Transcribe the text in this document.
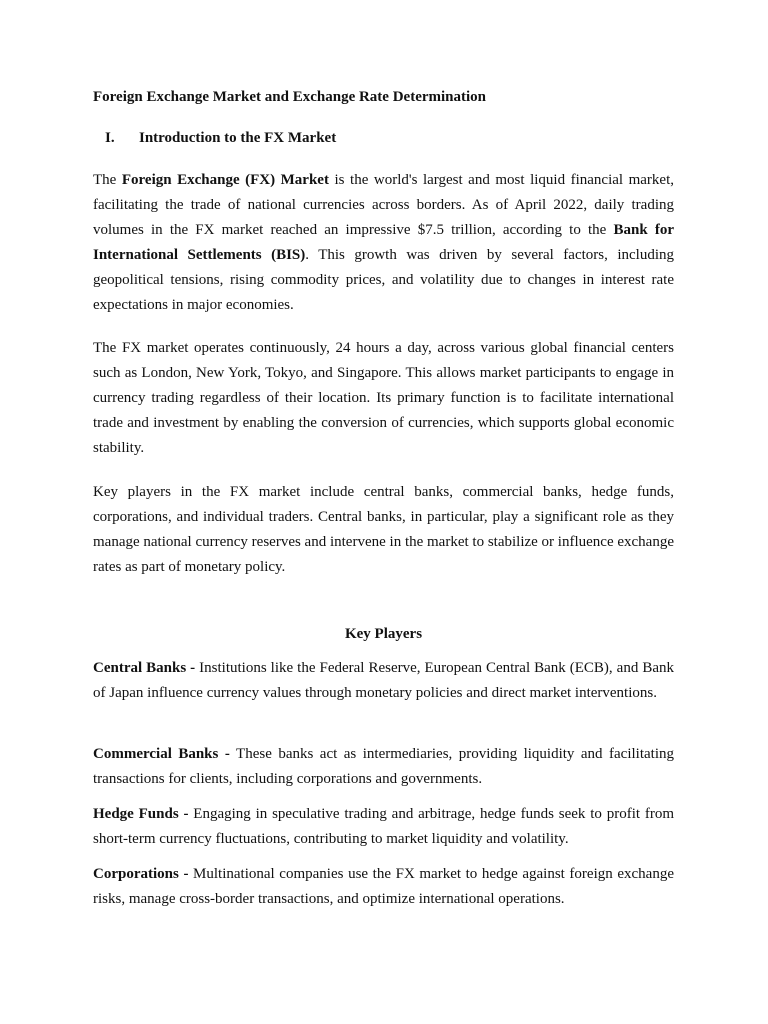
Foreign Exchange Market and Exchange Rate Determination
I. Introduction to the FX Market

The Foreign Exchange (FX) Market is the world's largest and most liquid financial market, facilitating the trade of national currencies across borders. As of April 2022, daily trading volumes in the FX market reached an impressive $7.5 trillion, according to the Bank for International Settlements (BIS). This growth was driven by several factors, including geopolitical tensions, rising commodity prices, and volatility due to changes in interest rate expectations in major economies.

The FX market operates continuously, 24 hours a day, across various global financial centers such as London, New York, Tokyo, and Singapore. This allows market participants to engage in currency trading regardless of their location. Its primary function is to facilitate international trade and investment by enabling the conversion of currencies, which supports global economic stability.

Key players in the FX market include central banks, commercial banks, hedge funds, corporations, and individual traders. Central banks, in particular, play a significant role as they manage national currency reserves and intervene in the market to stabilize or influence exchange rates as part of monetary policy.

Key Players

Central Banks - Institutions like the Federal Reserve, European Central Bank (ECB), and Bank of Japan influence currency values through monetary policies and direct market interventions.

Commercial Banks - These banks act as intermediaries, providing liquidity and facilitating transactions for clients, including corporations and governments.

Hedge Funds - Engaging in speculative trading and arbitrage, hedge funds seek to profit from short-term currency fluctuations, contributing to market liquidity and volatility.

Corporations - Multinational companies use the FX market to hedge against foreign exchange risks, manage cross-border transactions, and optimize international operations.
